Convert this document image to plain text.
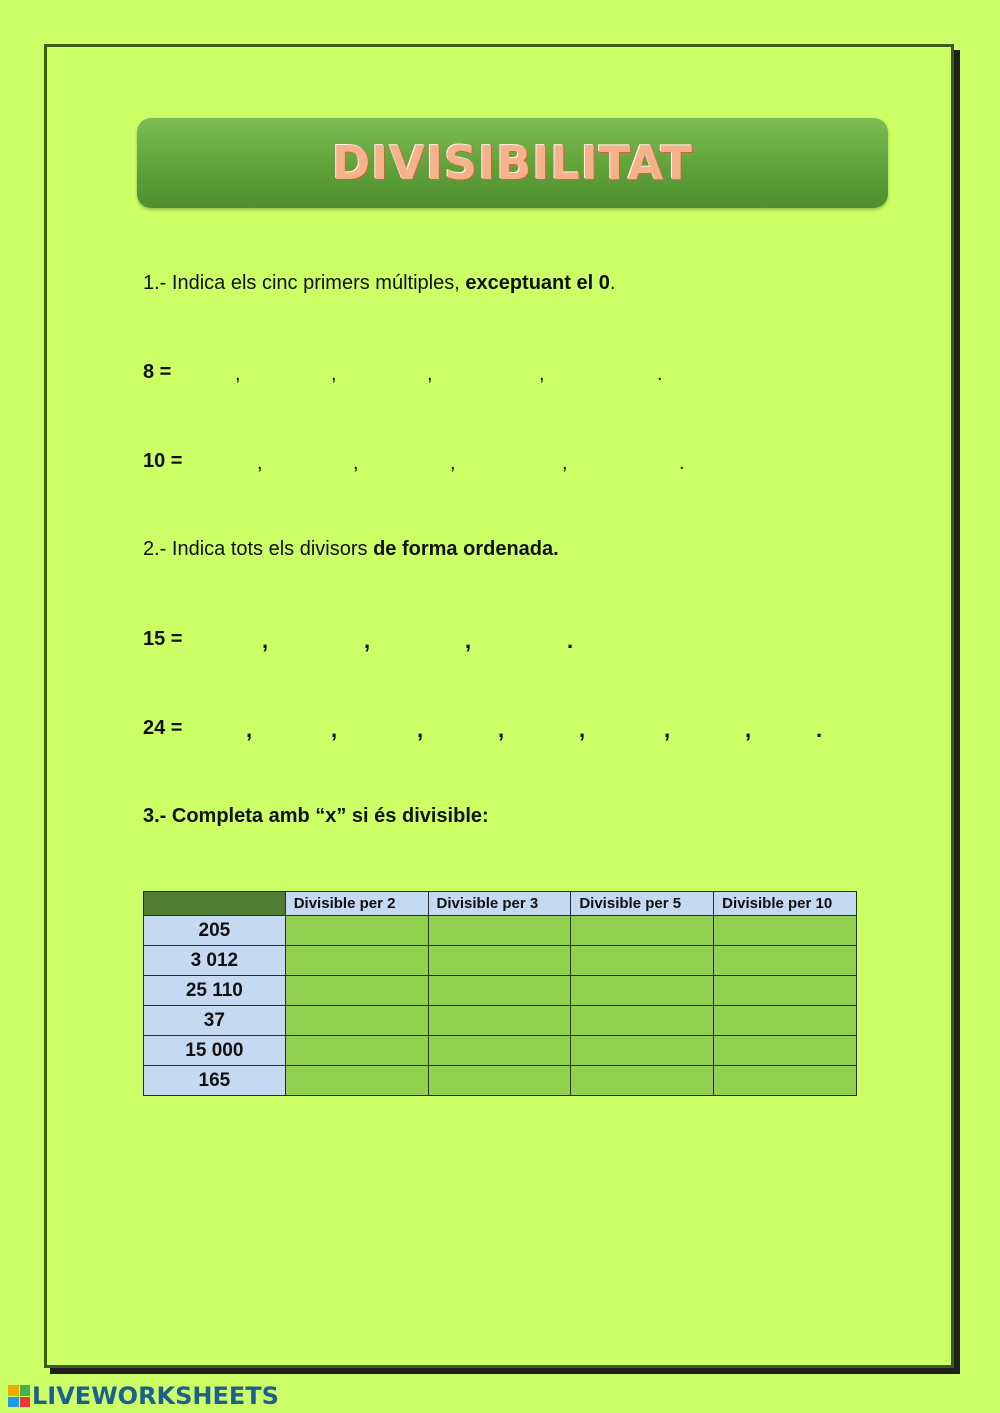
DIVISIBILITAT
1.- Indica els cinc primers múltiples, exceptuant el 0.
8 =	,	,	,	,	.
10 =	,	,	,	,	.
2.- Indica tots els divisors de forma ordenada.
15 =	,	,	,	.
24 =	,	,	,	,	,	,	,	.
3.- Completa amb “x” si és divisible:
	Divisible per 2	Divisible per 3	Divisible per 5	Divisible per 10
205				
3 012				
25 110				
37				
15 000				
165				
LIVEWORKSHEETS
